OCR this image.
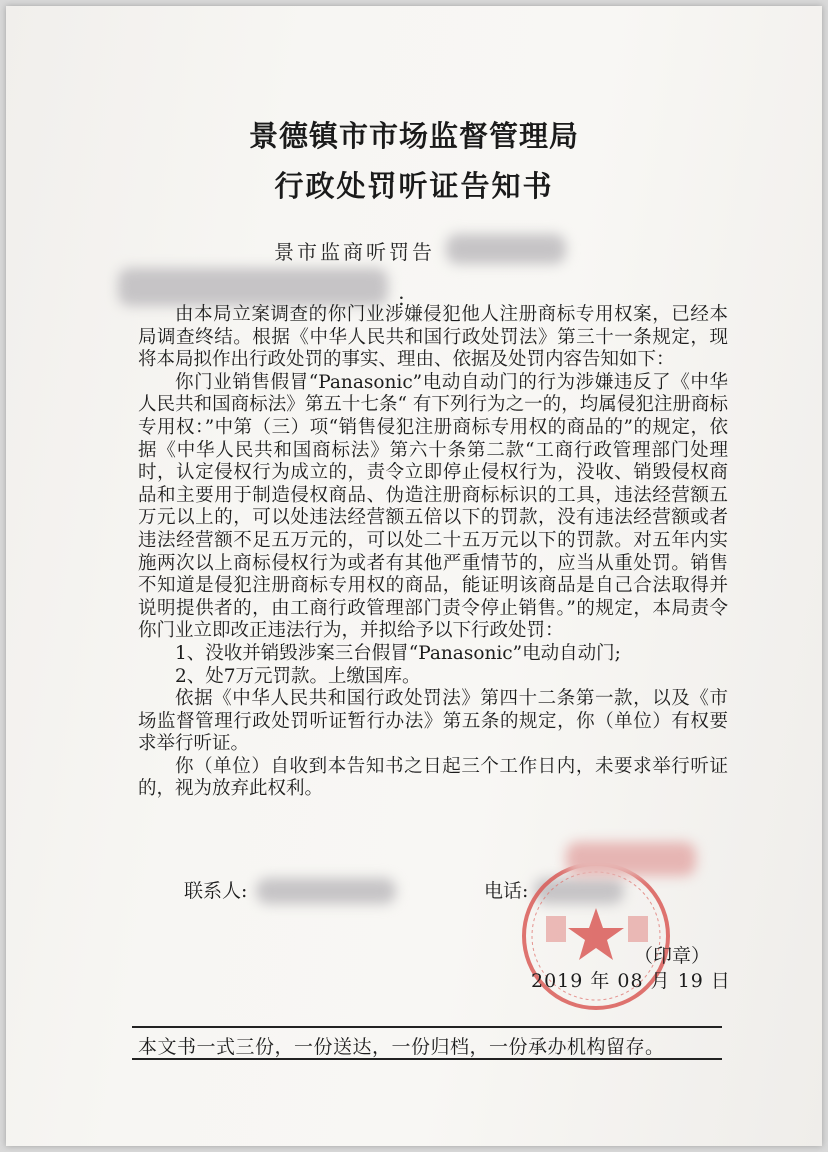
景德镇市市场监督管理局
行政处罚听证告知书
景市监商听罚告
:

由本局立案调查的你门业涉嫌侵犯他人注册商标专用权案，已经本局调查终结。根据《中华人民共和国行政处罚法》第三十一条规定，现将本局拟作出行政处罚的事实、理由、依据及处罚内容告知如下：

你门业销售假冒“Panasonic”电动自动门的行为涉嫌违反了《中华人民共和国商标法》第五十七条“ 有下列行为之一的，均属侵犯注册商标专用权：”中第（三）项“销售侵犯注册商标专用权的商品的”的规定，依据《中华人民共和国商标法》第六十条第二款“工商行政管理部门处理时，认定侵权行为成立的，责令立即停止侵权行为，没收、销毁侵权商品和主要用于制造侵权商品、伪造注册商标标识的工具，违法经营额五万元以上的，可以处违法经营额五倍以下的罚款，没有违法经营额或者违法经营额不足五万元的，可以处二十五万元以下的罚款。对五年内实施两次以上商标侵权行为或者有其他严重情节的，应当从重处罚。销售不知道是侵犯注册商标专用权的商品，能证明该商品是自己合法取得并说明提供者的，由工商行政管理部门责令停止销售。”的规定，本局责令你门业立即改正违法行为，并拟给予以下行政处罚：

1、没收并销毁涉案三台假冒“Panasonic”电动自动门;
2、处7万元罚款。上缴国库。

依据《中华人民共和国行政处罚法》第四十二条第一款，以及《市场监督管理行政处罚听证暂行办法》第五条的规定，你（单位）有权要求举行听证。

你（单位）自收到本告知书之日起三个工作日内，未要求举行听证的，视为放弃此权利。

联系人:	电话:
（印章）
2019 年 08 月 19 日
本文书一式三份，一份送达，一份归档，一份承办机构留存。
